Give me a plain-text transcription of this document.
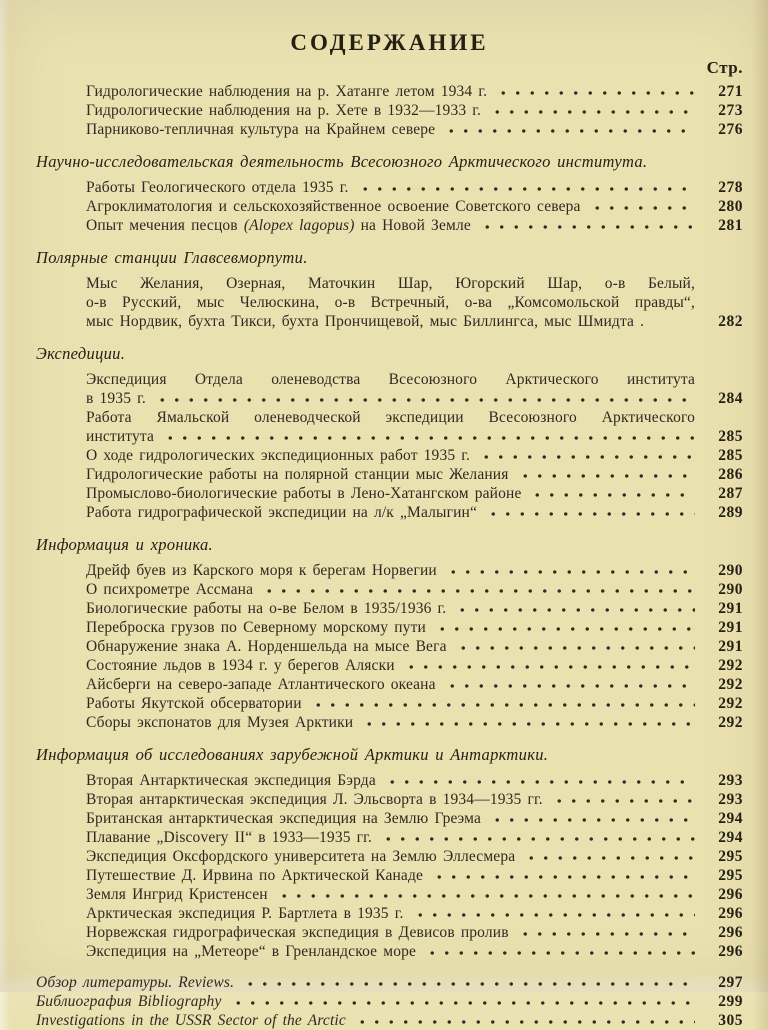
СОДЕРЖАНИЕ
Стр.
Гидрологические наблюдения на р. Хатанге летом 1934 г.	271
Гидрологические наблюдения на р. Хете в 1932—1933 г.	273
Парниково-тепличная культура на Крайнем севере	276
Научно-исследовательская деятельность Всесоюзного Арктического института.
Работы Геологического отдела 1935 г.	278
Агроклиматология и сельскохозяйственное освоение Советского севера	280
Опыт мечения песцов (Alopex lagopus) на Новой Земле	281
Полярные станции Главсевморпути.
Мыс Желания, Озерная, Маточкин Шар, Югорский Шар, о-в Белый,
о-в Русский, мыс Челюскина, о-в Встречный, о-ва „Комсомольской правды“,
мыс Нордвик, бухта Тикси, бухта Прончищевой, мыс Биллингса, мыс Шмидта .	282
Экспедиции.
Экспедиция Отдела оленеводства Всесоюзного Арктического института
в 1935 г.	284
Работа Ямальской оленеводческой экспедиции Всесоюзного Арктического
института	285
О ходе гидрологических экспедиционных работ 1935 г.	285
Гидрологические работы на полярной станции мыс Желания	286
Промыслово-биологические работы в Лено-Хатангском районе	287
Работа гидрографической экспедиции на л/к „Малыгин“	289
Информация и хроника.
Дрейф буев из Карского моря к берегам Норвегии	290
О психрометре Ассмана	290
Биологические работы на о-ве Белом в 1935/1936 г.	291
Переброска грузов по Северному морскому пути	291
Обнаружение знака А. Норденшельда на мысе Вега	291
Состояние льдов в 1934 г. у берегов Аляски	292
Айсберги на северо-западе Атлантического океана	292
Работы Якутской обсерватории	292
Сборы экспонатов для Музея Арктики	292
Информация об исследованиях зарубежной Арктики и Антарктики.
Вторая Антарктическая экспедиция Бэрда	293
Вторая антарктическая экспедиция Л. Эльсворта в 1934—1935 гг.	293
Британская антарктическая экспедиция на Землю Греэма	294
Плавание „Discovery II“ в 1933—1935 гг.	294
Экспедиция Оксфордского университета на Землю Эллесмера	295
Путешествие Д. Ирвина по Арктической Канаде	295
Земля Ингрид Кристенсен	296
Арктическая экспедиция Р. Бартлета в 1935 г.	296
Норвежская гидрографическая экспедиция в Девисов пролив	296
Экспедиция на „Метеоре“ в Гренландское море	296
Обзор литературы. Reviews.	297
Библиография Bibliography	299
Investigations in the USSR Sector of the Arctic	305
